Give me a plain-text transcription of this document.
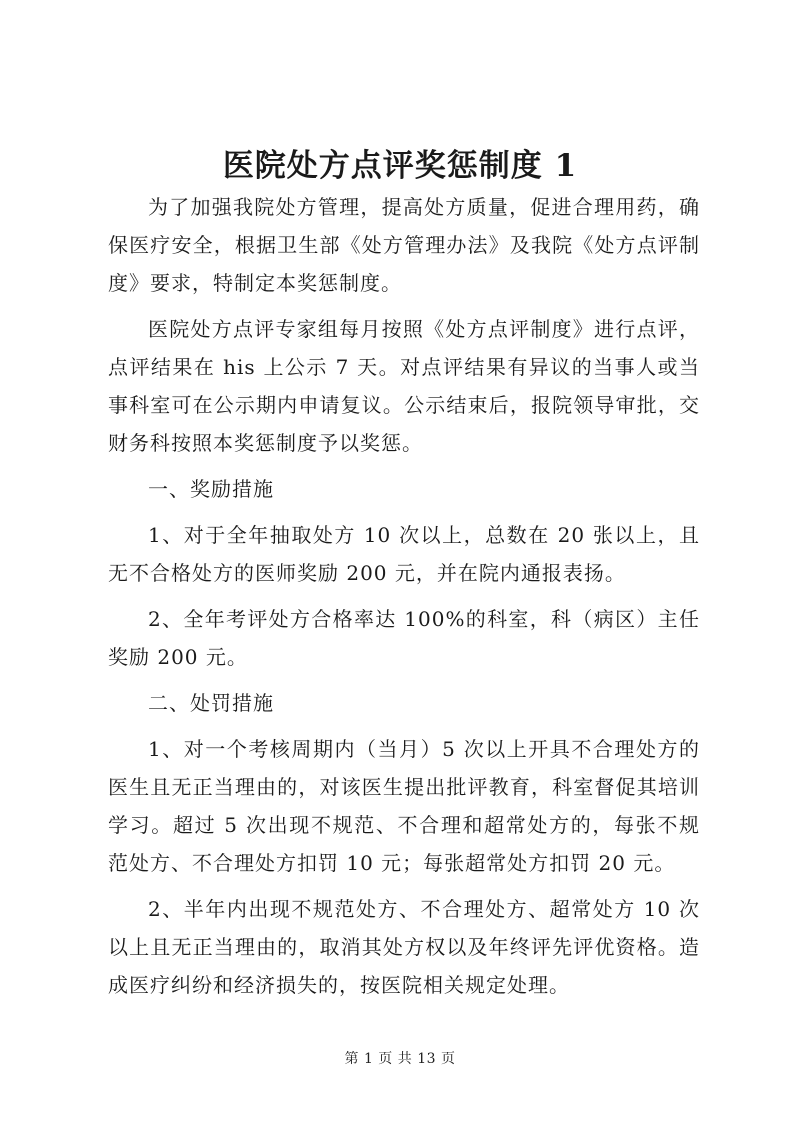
医院处方点评奖惩制度 1

为了加强我院处方管理，提高处方质量，促进合理用药，确保医疗安全，根据卫生部《处方管理办法》及我院《处方点评制度》要求，特制定本奖惩制度。

医院处方点评专家组每月按照《处方点评制度》进行点评，点评结果在 his 上公示 7 天。对点评结果有异议的当事人或当事科室可在公示期内申请复议。公示结束后，报院领导审批，交财务科按照本奖惩制度予以奖惩。

一、奖励措施

1、对于全年抽取处方 10 次以上，总数在 20 张以上，且无不合格处方的医师奖励 200 元，并在院内通报表扬。

2、全年考评处方合格率达 100%的科室，科（病区）主任奖励 200 元。

二、处罚措施

1、对一个考核周期内（当月）5 次以上开具不合理处方的医生且无正当理由的，对该医生提出批评教育，科室督促其培训学习。超过 5 次出现不规范、不合理和超常处方的，每张不规范处方、不合理处方扣罚 10 元；每张超常处方扣罚 20 元。

2、半年内出现不规范处方、不合理处方、超常处方 10 次以上且无正当理由的，取消其处方权以及年终评先评优资格。造成医疗纠纷和经济损失的，按医院相关规定处理。

第 1 页 共 13 页
